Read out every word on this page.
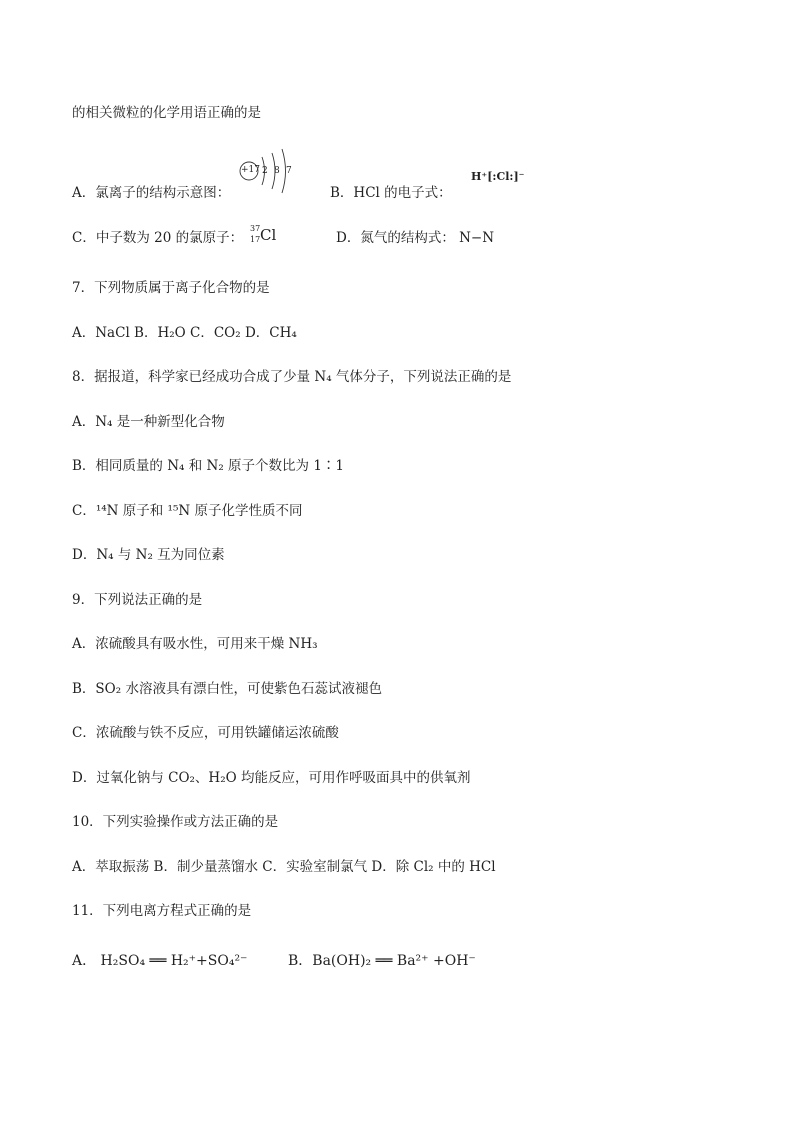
的相关微粒的化学用语正确的是
A．氯离子的结构示意图：
+17 2 8 7
B．HCl 的电子式：
H⁺[:Cl:]⁻
C．中子数为 20 的氯原子：
37
17 Cl	D．氮气的结构式： N−N
7．下列物质属于离子化合物的是
A．NaCl B．H₂O C．CO₂ D．CH₄
8．据报道，科学家已经成功合成了少量 N₄ 气体分子，下列说法正确的是
A．N₄ 是一种新型化合物
B．相同质量的 N₄ 和 N₂ 原子个数比为 1∶1
C．¹⁴N 原子和 ¹⁵N 原子化学性质不同
D．N₄ 与 N₂ 互为同位素
9．下列说法正确的是
A．浓硫酸具有吸水性，可用来干燥 NH₃
B．SO₂ 水溶液具有漂白性，可使紫色石蕊试液褪色
C．浓硫酸与铁不反应，可用铁罐储运浓硫酸
D．过氧化钠与 CO₂、H₂O 均能反应，可用作呼吸面具中的供氧剂
10．下列实验操作或方法正确的是
A．萃取振荡 B．制少量蒸馏水 C．实验室制氯气 D．除 Cl₂ 中的 HCl
11．下列电离方程式正确的是
A． H₂SO₄ ══ H₂⁺+SO₄²⁻	B．Ba(OH)₂ ══ Ba²⁺ +OH⁻
